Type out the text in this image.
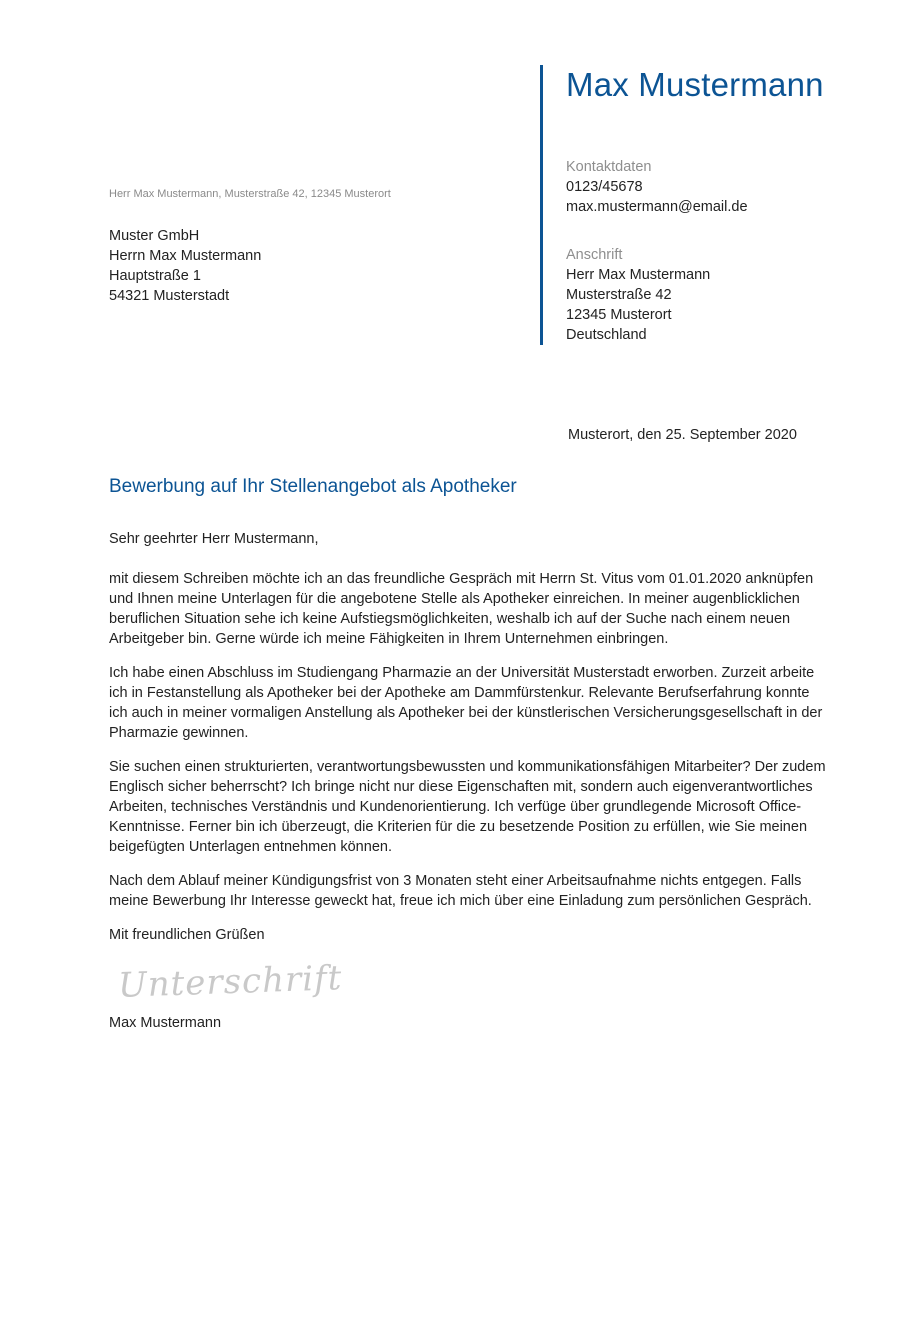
Max Mustermann
Kontaktdaten
0123/45678
max.mustermann@email.de
Anschrift
Herr Max Mustermann
Musterstraße 42
12345 Musterort
Deutschland
Herr Max Mustermann, Musterstraße 42, 12345 Musterort
Muster GmbH
Herrn Max Mustermann
Hauptstraße 1
54321 Musterstadt
Musterort, den 25. September 2020
Bewerbung auf Ihr Stellenangebot als Apotheker

Sehr geehrter Herr Mustermann,

mit diesem Schreiben möchte ich an das freundliche Gespräch mit Herrn St. Vitus vom 01.01.2020 anknüpfen und Ihnen meine Unterlagen für die angebotene Stelle als Apotheker einreichen. In meiner augenblicklichen beruflichen Situation sehe ich keine Aufstiegsmöglichkeiten, weshalb ich auf der Suche nach einem neuen Arbeitgeber bin. Gerne würde ich meine Fähigkeiten in Ihrem Unternehmen einbringen.

Ich habe einen Abschluss im Studiengang Pharmazie an der Universität Musterstadt erworben. Zurzeit arbeite ich in Festanstellung als Apotheker bei der Apotheke am Dammfürstenkur. Relevante Berufserfahrung konnte ich auch in meiner vormaligen Anstellung als Apotheker bei der künstlerischen Versicherungsgesellschaft in der Pharmazie gewinnen.

Sie suchen einen strukturierten, verantwortungsbewussten und kommunikationsfähigen Mitarbeiter? Der zudem Englisch sicher beherrscht? Ich bringe nicht nur diese Eigenschaften mit, sondern auch eigenverantwortliches Arbeiten, technisches Verständnis und Kundenorientierung. Ich verfüge über grundlegende Microsoft Office-Kenntnisse. Ferner bin ich überzeugt, die Kriterien für die zu besetzende Position zu erfüllen, wie Sie meinen beigefügten Unterlagen entnehmen können.

Nach dem Ablauf meiner Kündigungsfrist von 3 Monaten steht einer Arbeitsaufnahme nichts entgegen. Falls meine Bewerbung Ihr Interesse geweckt hat, freue ich mich über eine Einladung zum persönlichen Gespräch.

Mit freundlichen Grüßen

Unterschrift
Max Mustermann
